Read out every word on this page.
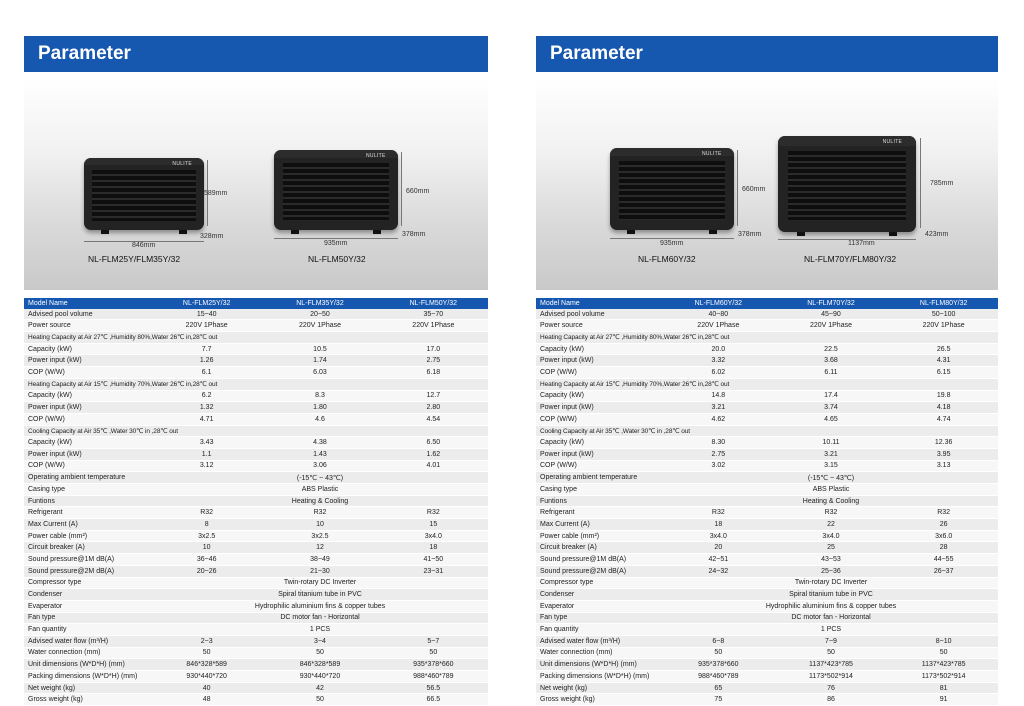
Parameter
NULITE
589mm
846mm
328mm
NL-FLM25Y/FLM35Y/32
NULITE
660mm
935mm
378mm
NL-FLM50Y/32
Model Name	NL-FLM25Y/32	NL-FLM35Y/32	NL-FLM50Y/32
Advised pool volume	15~40	20~50	35~70
Power source	220V 1Phase	220V 1Phase	220V 1Phase
Heating Capacity at Air 27℃ ,Humidity 80%,Water 26℃ in,28℃ out			
Capacity (kW)	7.7	10.5	17.0
Power input (kW)	1.26	1.74	2.75
COP (W/W)	6.1	6.03	6.18
Heating Capacity at Air 15℃ ,Humidity 70%,Water 26℃ in,28℃ out			
Capacity (kW)	6.2	8.3	12.7
Power input (kW)	1.32	1.80	2.80
COP (W/W)	4.71	4.6	4.54
Cooling Capacity at Air 35℃ ,Water 30℃ in ,28℃ out			
Capacity (kW)	3.43	4.38	6.50
Power input (kW)	1.1	1.43	1.62
COP (W/W)	3.12	3.06	4.01
Operating ambient temperature	(-15℃ ~ 43℃)		
Casing type	ABS Plastic		
Funtions	Heating & Cooling		
Refrigerant	R32	R32	R32
Max Current (A)	8	10	15
Power cable (mm²)	3x2.5	3x2.5	3x4.0
Circuit breaker (A)	10	12	18
Sound pressure@1M dB(A)	36~46	38~49	41~50
Sound pressure@2M dB(A)	20~26	21~30	23~31
Compressor type	Twin-rotary DC Inverter		
Condenser	Spiral titanium tube in PVC		
Evaperator	Hydrophilic aluminium fins & copper tubes		
Fan type	DC motor fan - Horizontal		
Fan quantity	1 PCS		
Advised water flow (m³/H)	2~3	3~4	5~7
Water connection (mm)	50	50	50
Unit dimensions (W*D*H) (mm)	846*328*589	846*328*589	935*378*660
Packing dimensions (W*D*H) (mm)	930*440*720	930*440*720	988*460*789
Net weight (kg)	40	42	56.5
Gross weight (kg)	48	50	66.5
Parameter
NULITE
660mm
935mm
378mm
NL-FLM60Y/32
NULITE
785mm
1137mm
423mm
NL-FLM70Y/FLM80Y/32
Model Name	NL-FLM60Y/32	NL-FLM70Y/32	NL-FLM80Y/32
Advised pool volume	40~80	45~90	50~100
Power source	220V 1Phase	220V 1Phase	220V 1Phase
Heating Capacity at Air 27℃ ,Humidity 80%,Water 26℃ in,28℃ out			
Capacity (kW)	20.0	22.5	26.5
Power input (kW)	3.32	3.68	4.31
COP (W/W)	6.02	6.11	6.15
Heating Capacity at Air 15℃ ,Humidity 70%,Water 26℃ in,28℃ out			
Capacity (kW)	14.8	17.4	19.8
Power input (kW)	3.21	3.74	4.18
COP (W/W)	4.62	4.65	4.74
Cooling Capacity at Air 35℃ ,Water 30℃ in ,28℃ out			
Capacity (kW)	8.30	10.11	12.36
Power input (kW)	2.75	3.21	3.95
COP (W/W)	3.02	3.15	3.13
Operating ambient temperature	(-15℃ ~ 43℃)		
Casing type	ABS Plastic		
Funtions	Heating & Cooling		
Refrigerant	R32	R32	R32
Max Current (A)	18	22	26
Power cable (mm²)	3x4.0	3x4.0	3x6.0
Circuit breaker (A)	20	25	28
Sound pressure@1M dB(A)	42~51	43~53	44~55
Sound pressure@2M dB(A)	24~32	25~36	26~37
Compressor type	Twin-rotary DC Inverter		
Condenser	Spiral titanium tube in PVC		
Evaperator	Hydrophilic aluminium fins & copper tubes		
Fan type	DC motor fan - Horizontal		
Fan quantity	1 PCS		
Advised water flow (m³/H)	6~8	7~9	8~10
Water connection (mm)	50	50	50
Unit dimensions (W*D*H) (mm)	935*378*660	1137*423*785	1137*423*785
Packing dimensions (W*D*H) (mm)	988*460*789	1173*502*914	1173*502*914
Net weight (kg)	65	76	81
Gross weight (kg)	75	86	91
